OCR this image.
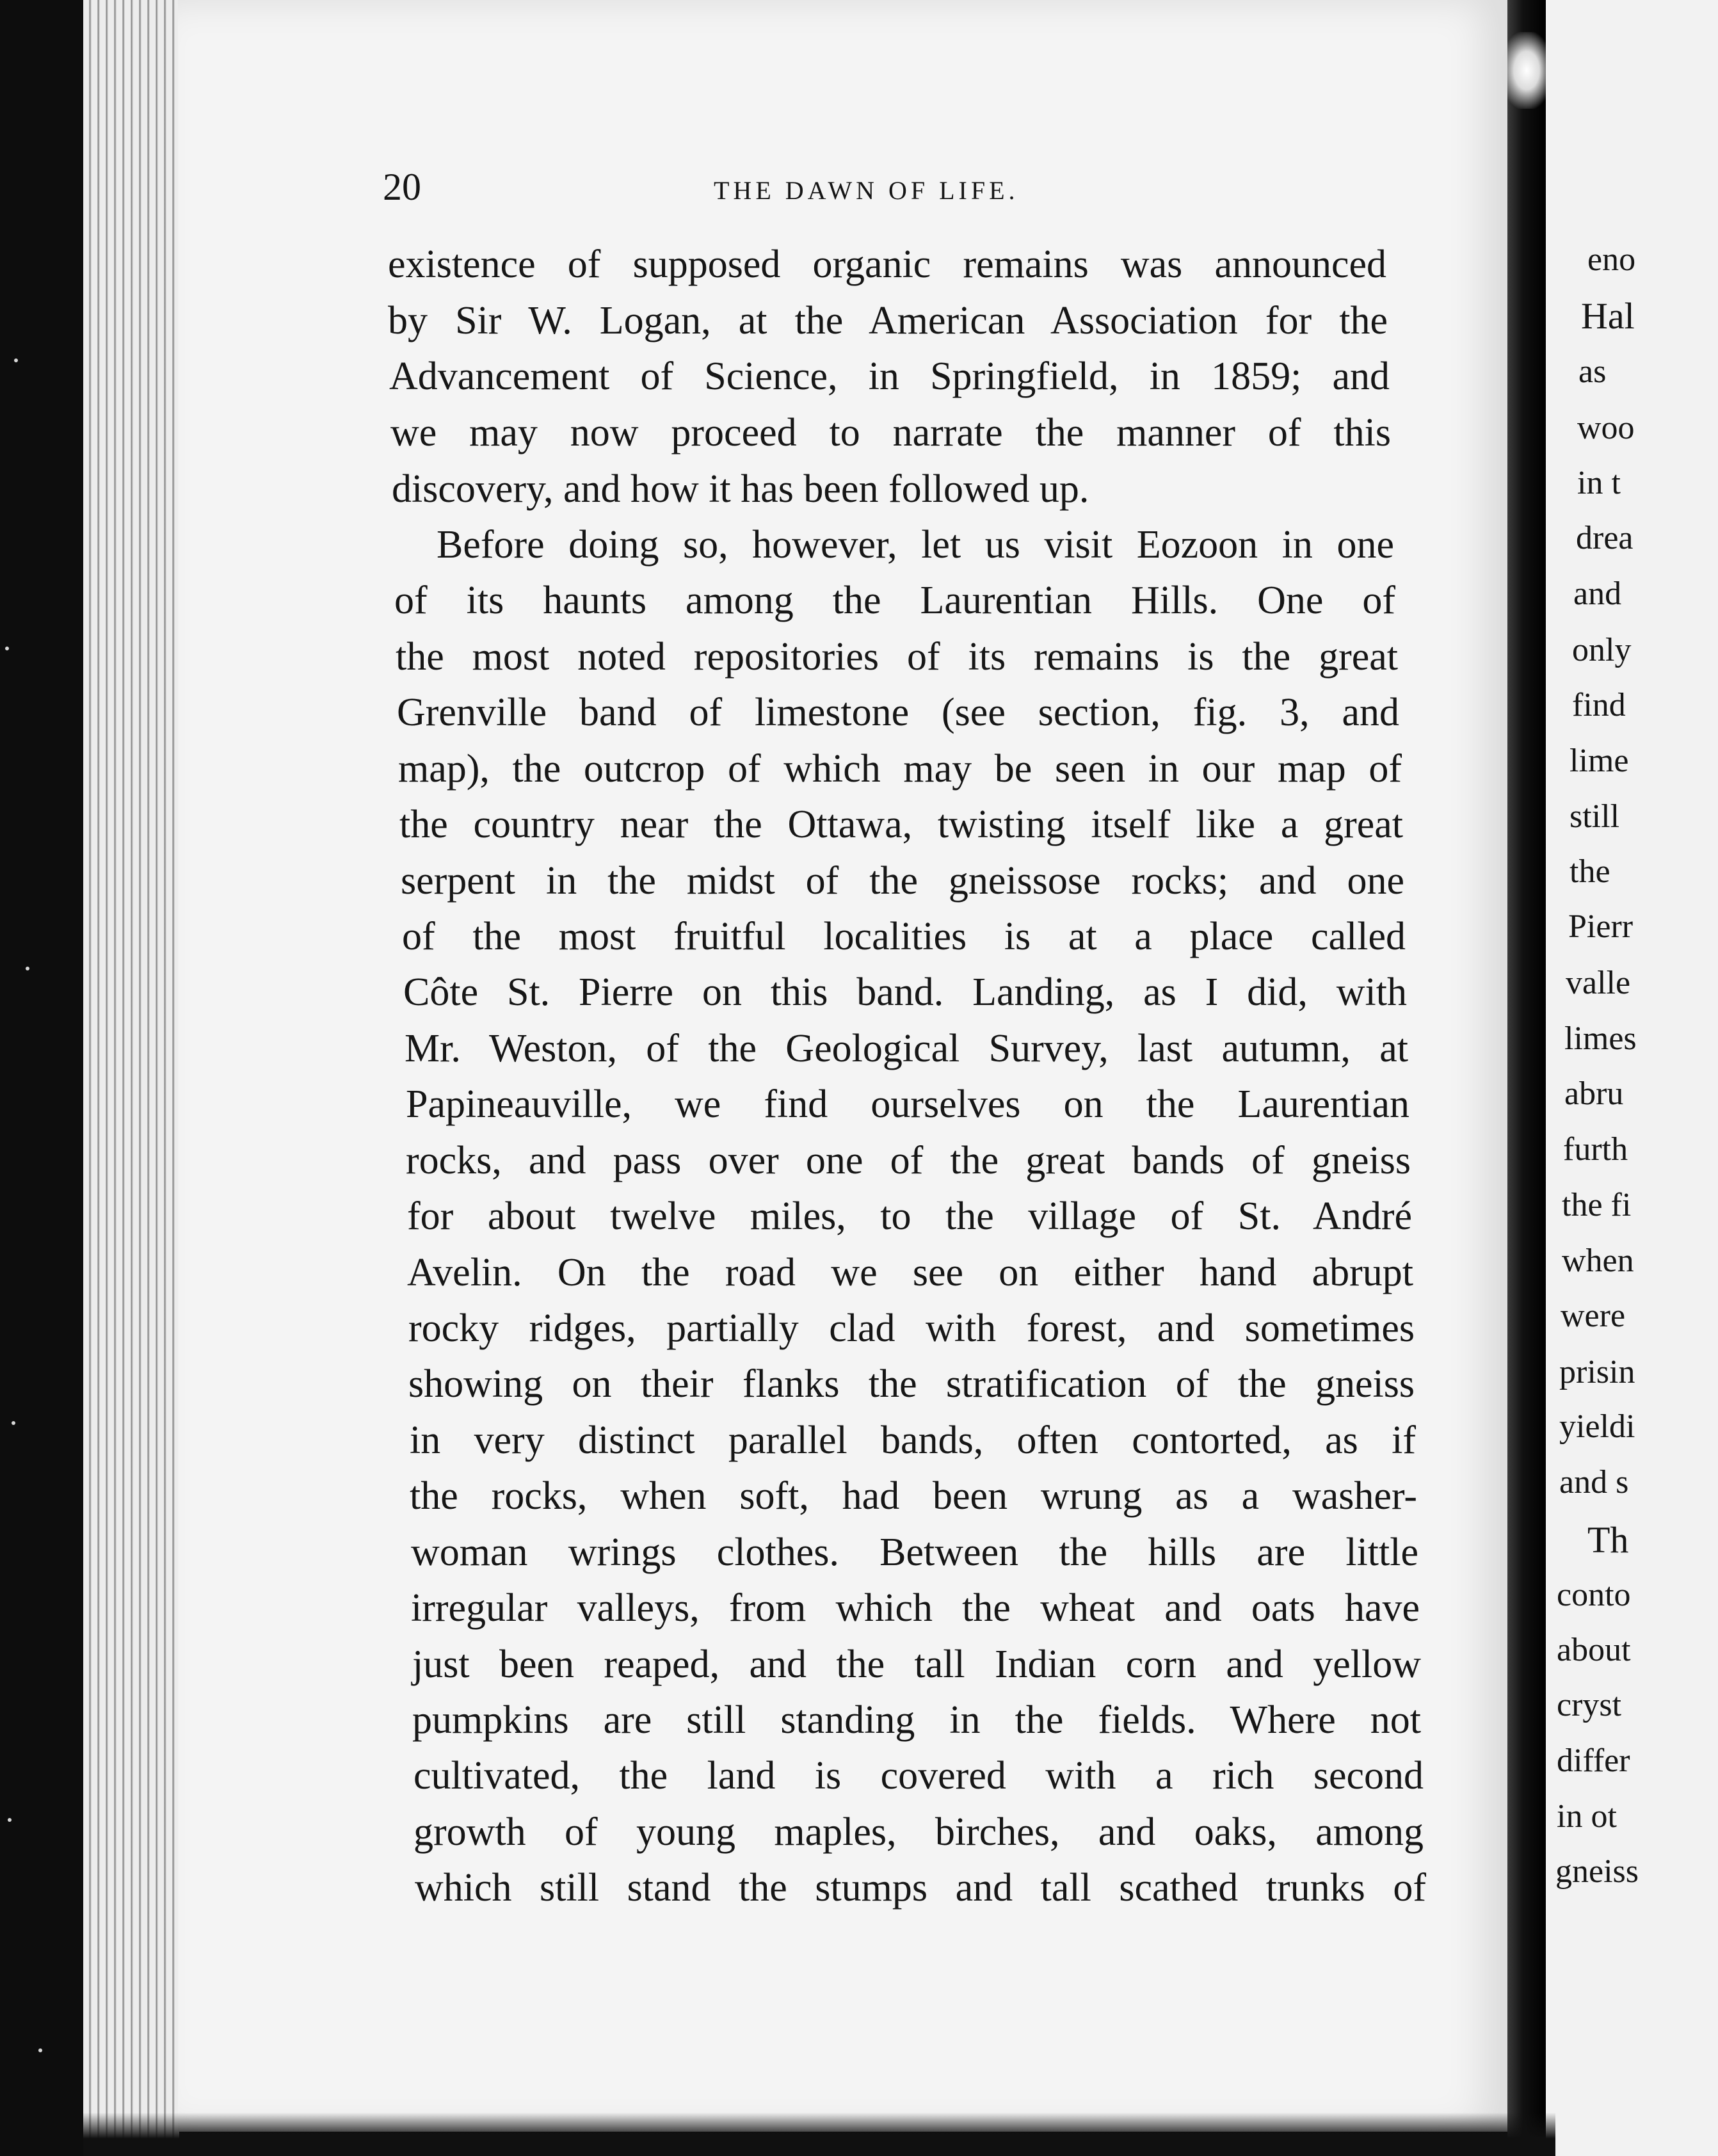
20	THE DAWN OF LIFE.
existence of supposed organic remains was announced
by Sir W. Logan, at the American Association for the
Advancement of Science, in Springfield, in 1859; and
we may now proceed to narrate the manner of this
discovery, and how it has been followed up.
Before doing so, however, let us visit Eozoon in one
of its haunts among the Laurentian Hills. One of
the most noted repositories of its remains is the great
Grenville band of limestone (see section, fig. 3, and
map), the outcrop of which may be seen in our map of
the country near the Ottawa, twisting itself like a great
serpent in the midst of the gneissose rocks; and one
of the most fruitful localities is at a place called
Côte St. Pierre on this band. Landing, as I did, with
Mr. Weston, of the Geological Survey, last autumn, at
Papineauville, we find ourselves on the Laurentian
rocks, and pass over one of the great bands of gneiss
for about twelve miles, to the village of St. André
Avelin. On the road we see on either hand abrupt
rocky ridges, partially clad with forest, and sometimes
showing on their flanks the stratification of the gneiss
in very distinct parallel bands, often contorted, as if
the rocks, when soft, had been wrung as a washer-
woman wrings clothes. Between the hills are little
irregular valleys, from which the wheat and oats have
just been reaped, and the tall Indian corn and yellow
pumpkins are still standing in the fields. Where not
cultivated, the land is covered with a rich second
growth of young maples, birches, and oaks, among
which still stand the stumps and tall scathed trunks of
eno
Hal
as
woo
in t
drea
and
only
find
lime
still
the
Pierr
valle
limes
abru
furth
the fi
when
were
prisin
yieldi
and s
Th
conto
about
cryst
differ
in ot
gneiss
